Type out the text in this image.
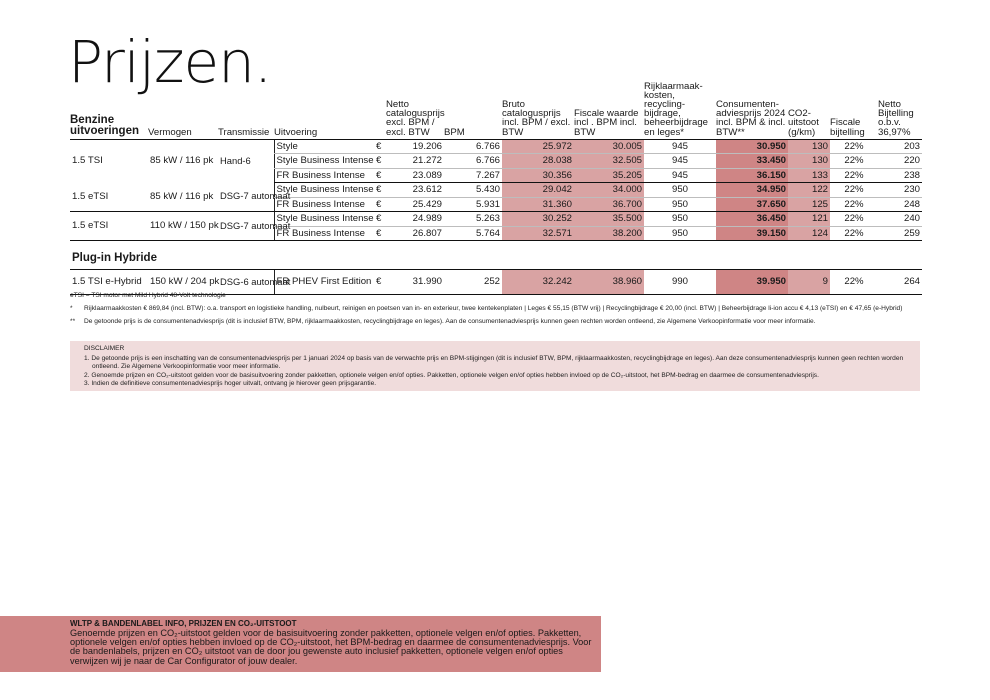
Prijzen.
Benzine uitvoeringen	Vermogen	Transmissie	Uitvoering		Netto catalogusprijs excl. BPM / excl. BTW	BPM	Bruto catalogusprijs incl. BPM / excl. BTW	Fiscale waarde incl . BPM incl. BTW	Rijklaarmaak-kosten, recycling-bijdrage, beheerbijdrage en leges*	Consumenten-adviesprijs 2024 incl. BPM & incl. BTW**	CO2-uitstoot (g/km)	Fiscale bijtelling	Netto Bijtelling o.b.v. 36,97%
1.5 TSI	85 kW / 116 pk	Hand-6	Style	€	19.206	6.766	25.972	30.005	945	30.950	130	22%	203
			Style Business Intense	€	21.272	6.766	28.038	32.505	945	33.450	130	22%	220
			FR Business Intense	€	23.089	7.267	30.356	35.205	945	36.150	133	22%	238
1.5 eTSI	85 kW / 116 pk	DSG-7 automaat	Style Business Intense	€	23.612	5.430	29.042	34.000	950	34.950	122	22%	230
			FR Business Intense	€	25.429	5.931	31.360	36.700	950	37.650	125	22%	248
1.5 eTSI	110 kW / 150 pk	DSG-7 automaat	Style Business Intense	€	24.989	5.263	30.252	35.500	950	36.450	121	22%	240
			FR Business Intense	€	26.807	5.764	32.571	38.200	950	39.150	124	22%	259

Plug-in Hybride													
1.5 TSI e-Hybrid	150 kW / 204 pk	DSG-6 automaat	FR PHEV First Edition	€	31.990	252	32.242	38.960	990	39.950	9	22%	264
eTSI = TSI motor met Mild Hybrid 48-Volt technologie
*	Rijklaarmaakkosten € 869,84 (incl. BTW): o.a. transport en logistieke handling, nulbeurt, reinigen en poetsen van in- en exterieur, twee kentekenplaten | Leges € 55,15 (BTW vrij) | Recyclingbijdrage € 20,00 (incl. BTW) | Beheerbijdrage li-ion accu € 4,13 (eTSI) en € 47,65 (e-Hybrid)
**	De getoonde prijs is de consumentenadviesprijs (dit is inclusief BTW, BPM, rijklaarmaakkosten, recyclingbijdrage en leges). Aan de consumentenadviesprijs kunnen geen rechten worden ontleend, zie Algemene Verkoopinformatie voor meer informatie.
DISCLAIMER
1. De getoonde prijs is een inschatting van de consumentenadviesprijs per 1 januari 2024 op basis van de verwachte prijs en BPM-stijgingen (dit is inclusief BTW, BPM, rijklaarmaakkosten, recyclingbijdrage en leges). Aan deze consumentenadviesprijs kunnen geen rechten worden ontleend. Zie Algemene Verkoopinformatie voor meer informatie.
2. Genoemde prijzen en CO₂-uitstoot gelden voor de basisuitvoering zonder pakketten, optionele velgen en/of opties. Pakketten, optionele velgen en/of opties hebben invloed op de CO₂-uitstoot, het BPM-bedrag en daarmee de consumentenadviesprijs.
3. Indien de definitieve consumentenadviesprijs hoger uitvalt, ontvang je hierover geen prijsgarantie.
WLTP & BANDENLABEL INFO, PRIJZEN EN CO₂-UITSTOOT
Genoemde prijzen en CO₂-uitstoot gelden voor de basisuitvoering zonder pakketten, optionele velgen en/of opties. Pakketten, optionele velgen en/of opties hebben invloed op de CO₂-uitstoot, het BPM-bedrag en daarmee de consumentenadviesprijs. Voor de bandenlabels, prijzen en CO₂ uitstoot van de door jou gewenste auto inclusief pakketten, optionele velgen en/of opties verwijzen wij je naar de Car Configurator of jouw dealer.
